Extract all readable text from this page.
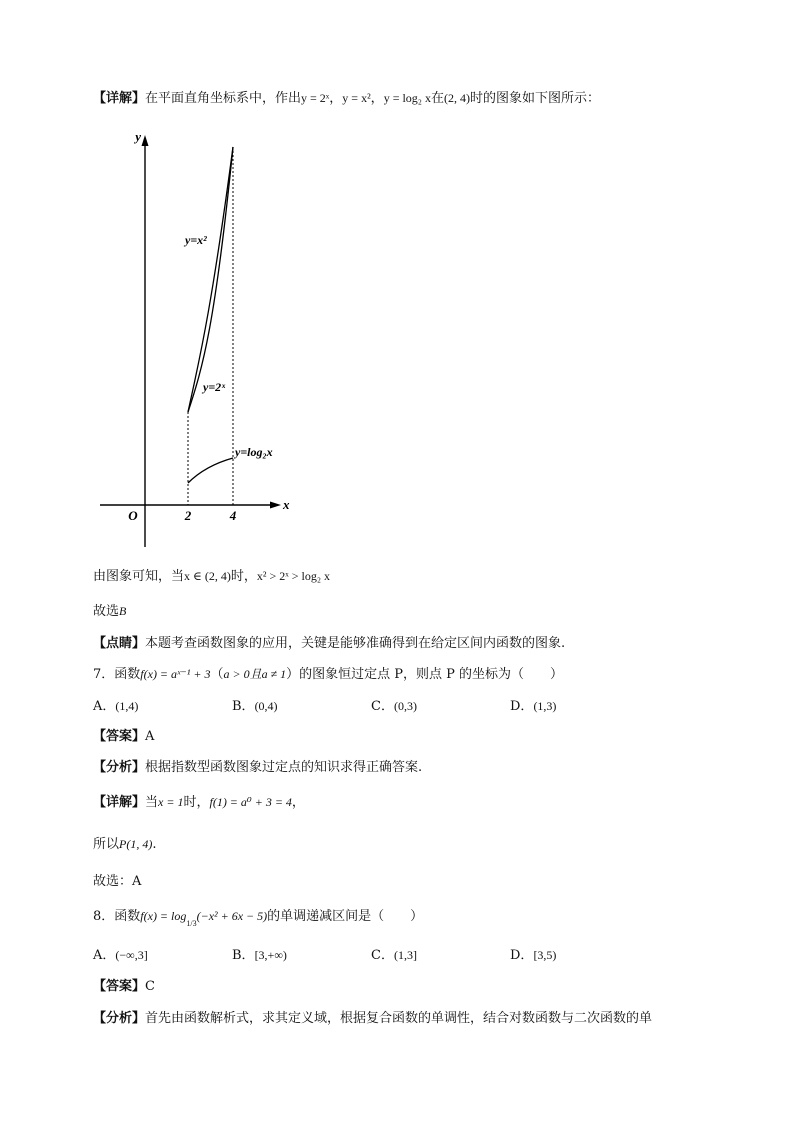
【详解】在平面直角坐标系中，作出y = 2ˣ，y = x²，y = log₂ x在(2, 4)时的图象如下图所示：
y
x
O	2	4
y=x²
y=2ˣ
y=log₂x
由图象可知，当x ∈ (2, 4)时，x² > 2ˣ > log₂ x
故选B
【点睛】本题考查函数图象的应用，关键是能够准确得到在给定区间内函数的图象.
7．函数f(x) = aˣ⁻¹ + 3（a > 0且a ≠ 1）的图象恒过定点 P，则点 P 的坐标为（　　）
A．(1,4)	B．(0,4)	C．(0,3)	D．(1,3)
【答案】A
【分析】根据指数型函数图象过定点的知识求得正确答案.
【详解】当x = 1时，f(1) = a⁰ + 3 = 4，
所以P(1, 4).
故选：A
8．函数$f(x) = \log_{1/3}(-x^2 + 6x - 5)$的单调递减区间是（　　）
A．(−∞,3]	B．[3,+∞)	C．(1,3]	D．[3,5)
【答案】C
【分析】首先由函数解析式，求其定义域，根据复合函数的单调性，结合对数函数与二次函数的单
